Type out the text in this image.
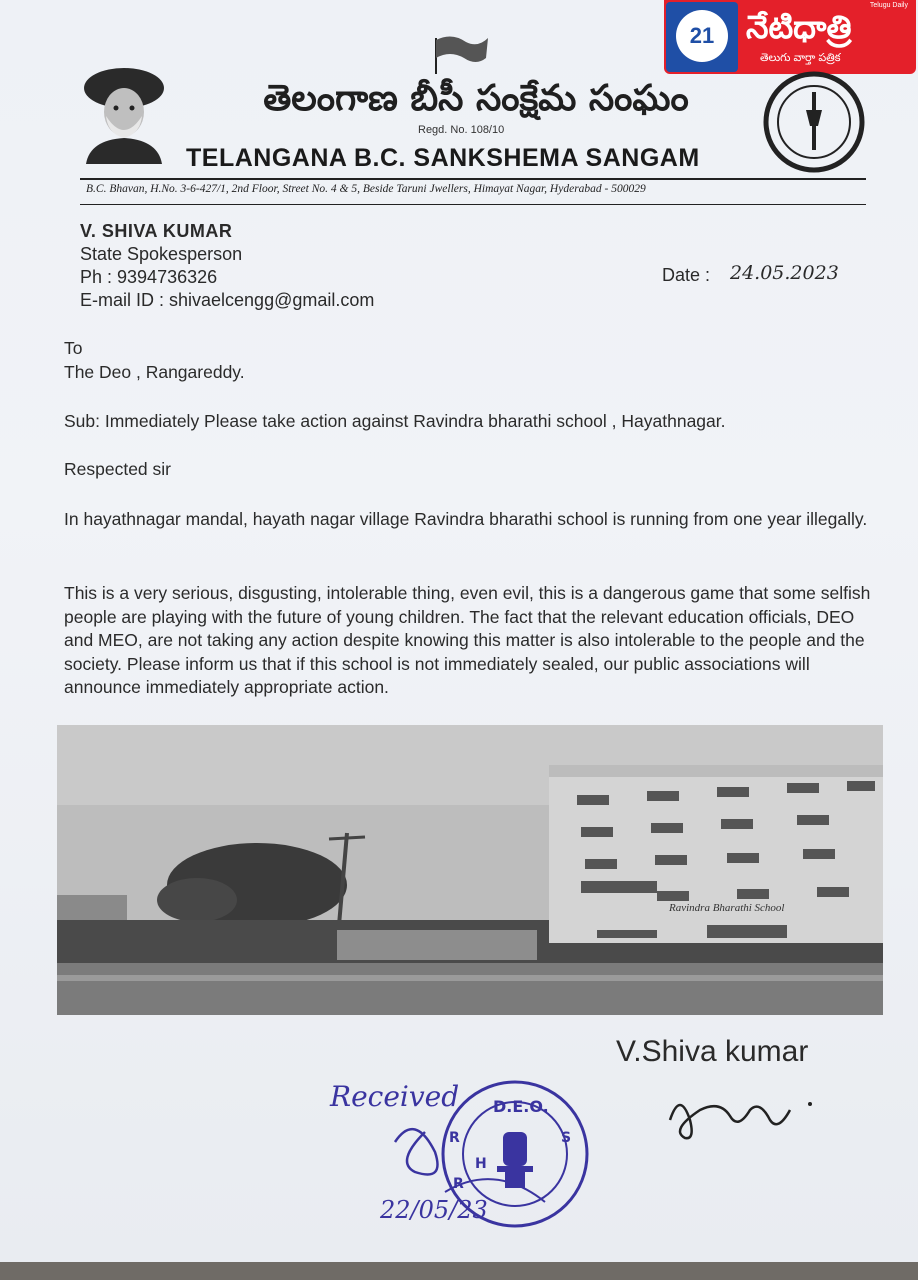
21 నేటిధాత్రి
తెలుగు వార్తా పత్రిక
Telugu Daily
తెలంగాణ బీసీ సంక్షేమ సంఘం
Regd. No. 108/10
TELANGANA B.C. SANKSHEMA SANGAM
B.C. Bhavan, H.No. 3-6-427/1, 2nd Floor, Street No. 4 & 5, Beside Taruni Jwellers, Himayat Nagar, Hyderabad - 500029
V. SHIVA KUMAR
State Spokesperson
Ph : 9394736326
E-mail ID : shivaelcengg@gmail.com
Date : 24.05.2023
To
The Deo , Rangareddy.
Sub: Immediately Please take action against Ravindra bharathi school , Hayathnagar.
Respected sir
In hayathnagar mandal, hayath nagar village Ravindra bharathi school is running from one year illegally.
This is a very serious, disgusting, intolerable thing, even evil, this is a dangerous game that some selfish people are playing with the future of young children. The fact that the relevant education officials, DEO and MEO, are not taking any action despite knowing this matter is also intolerable to the people and the society. Please inform us that if this school is not immediately sealed, our public associations will announce immediately appropriate action.
Ravindra Bharathi School
V.Shiva kumar
Received D.E.O.
R
R
H
S
22/05/23
